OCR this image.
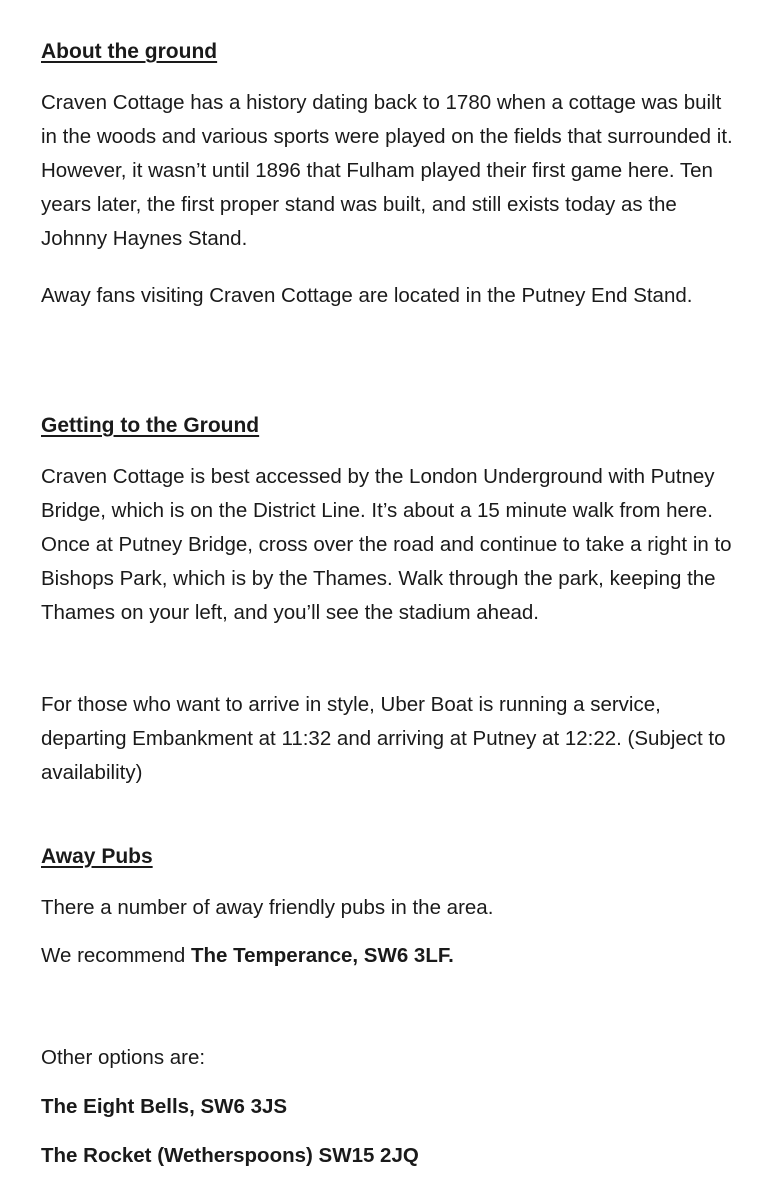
About the ground

Craven Cottage has a history dating back to 1780 when a cottage was built in the woods and various sports were played on the fields that surrounded it. However, it wasn’t until 1896 that Fulham played their first game here. Ten years later, the first proper stand was built, and still exists today as the Johnny Haynes Stand.

Away fans visiting Craven Cottage are located in the Putney End Stand.

Getting to the Ground

Craven Cottage is best accessed by the London Underground with Putney Bridge, which is on the District Line. It’s about a 15 minute walk from here. Once at Putney Bridge, cross over the road and continue to take a right in to Bishops Park, which is by the Thames. Walk through the park, keeping the Thames on your left, and you’ll see the stadium ahead.

For those who want to arrive in style, Uber Boat is running a service, departing Embankment at 11:32 and arriving at Putney at 12:22. (Subject to availability)

Away Pubs

There a number of away friendly pubs in the area.

We recommend The Temperance, SW6 3LF.

Other options are:

The Eight Bells, SW6 3JS

The Rocket (Wetherspoons) SW15 2JQ
